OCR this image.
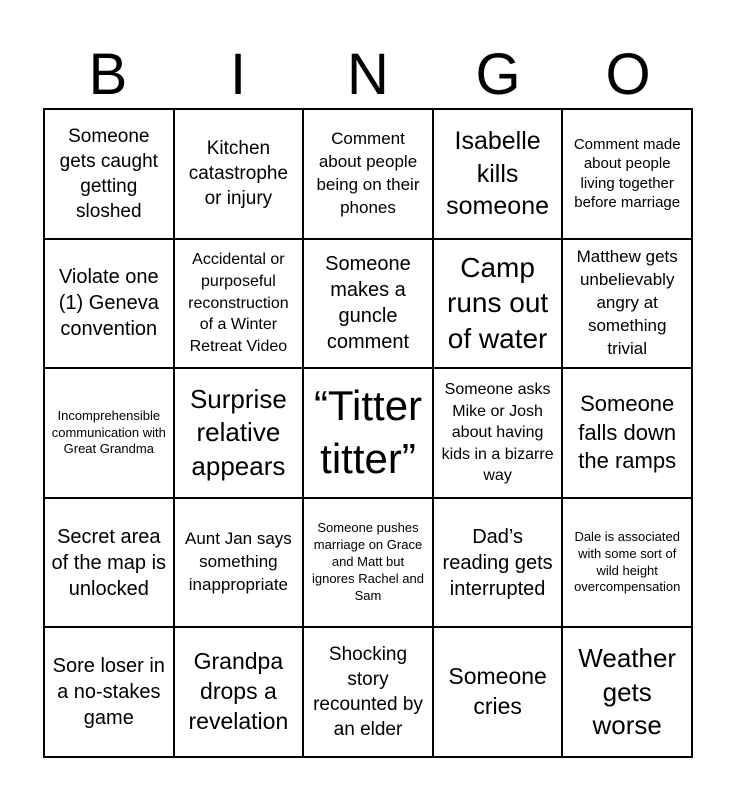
B	I	N	G	O
Someone gets caught getting sloshed
Kitchen catastrophe or injury
Comment about people being on their phones
Isabelle kills someone
Comment made about people living together before marriage
Violate one (1) Geneva convention
Accidental or purposeful reconstruction of a Winter Retreat Video
Someone makes a guncle comment
Camp runs out of water
Matthew gets unbelievably angry at something trivial
Incomprehensible communication with Great Grandma
Surprise relative appears
“Titter titter”
Someone asks Mike or Josh about having kids in a bizarre way
Someone falls down the ramps
Secret area of the map is unlocked
Aunt Jan says something inappropriate
Someone pushes marriage on Grace and Matt but ignores Rachel and Sam
Dad’s reading gets interrupted
Dale is associated with some sort of wild height overcompensation
Sore loser in a no-stakes game
Grandpa drops a revelation
Shocking story recounted by an elder
Someone cries
Weather gets worse
